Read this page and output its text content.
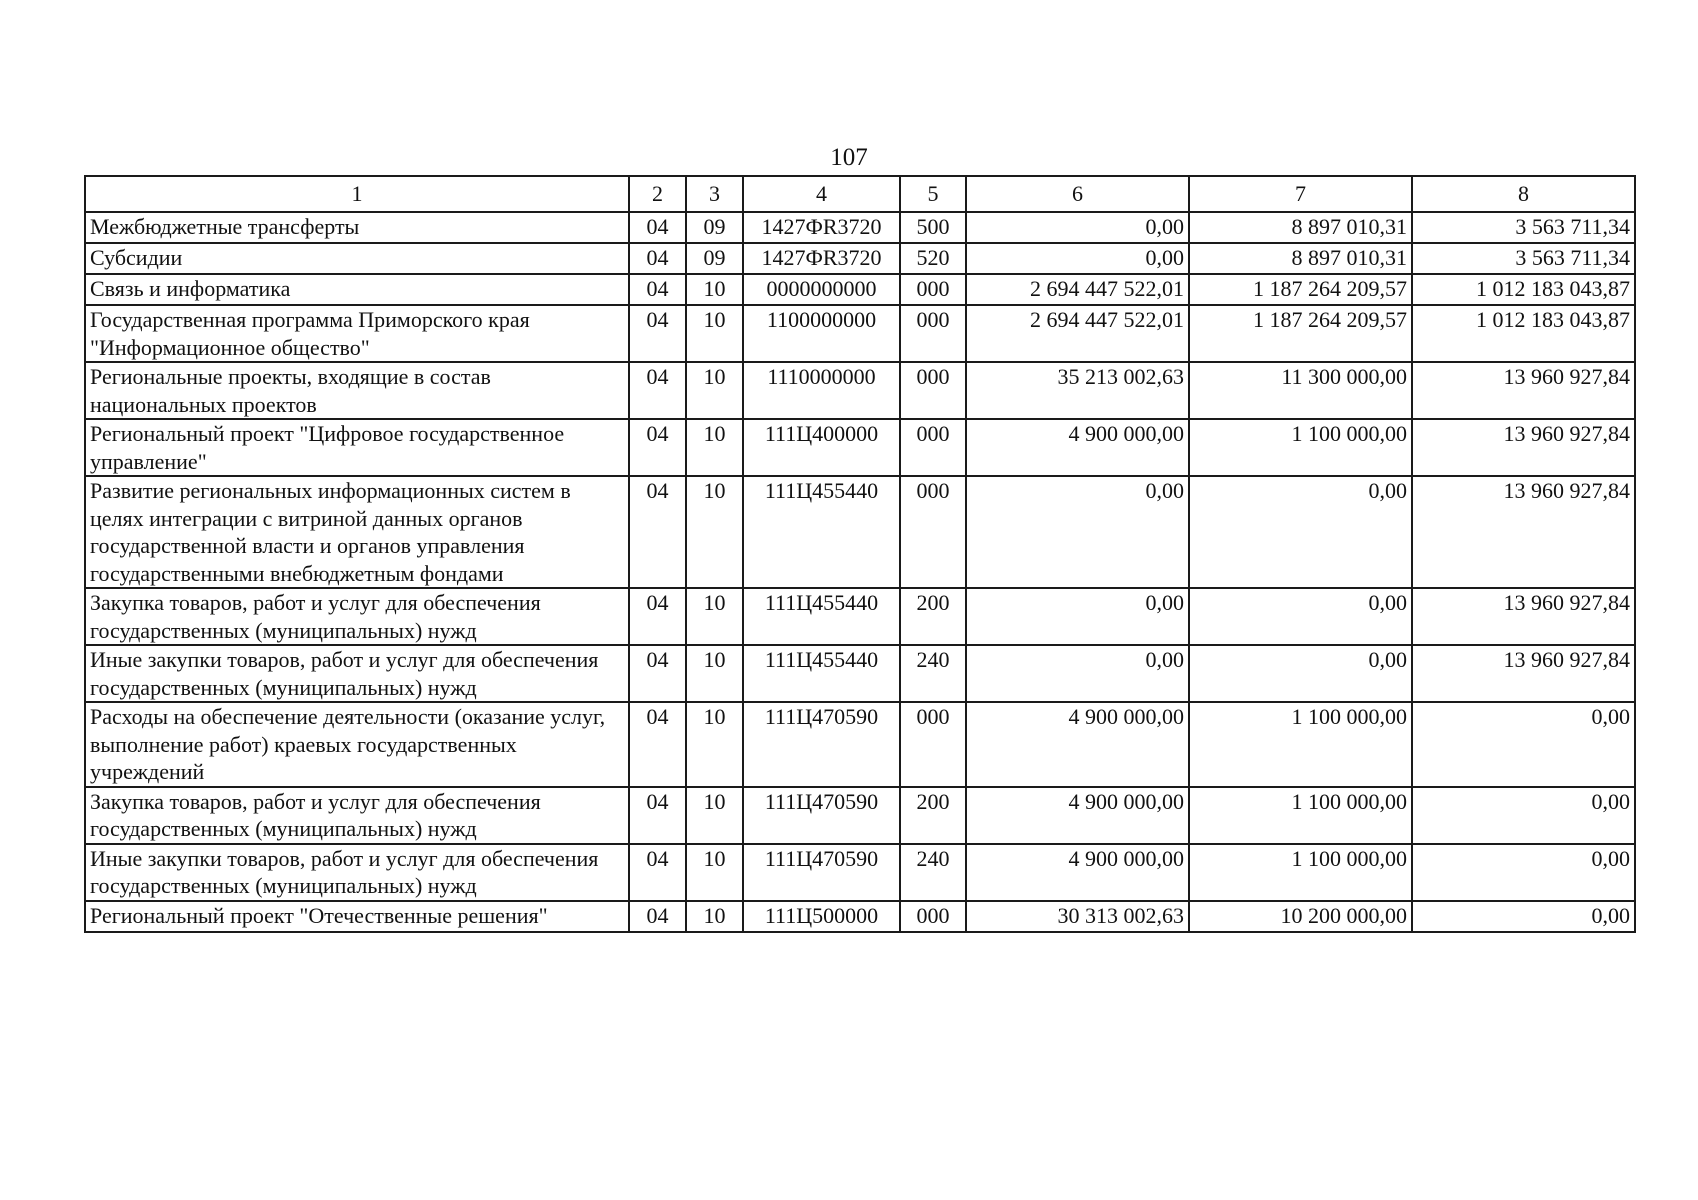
107
1	2	3	4	5	6	7	8
Межбюджетные трансферты	04	09	1427ФR3720	500	0,00	8 897 010,31	3 563 711,34
Субсидии	04	09	1427ФR3720	520	0,00	8 897 010,31	3 563 711,34
Связь и информатика	04	10	0000000000	000	2 694 447 522,01	1 187 264 209,57	1 012 183 043,87
Государственная программа Приморского края "Информационное общество"	04	10	1100000000	000	2 694 447 522,01	1 187 264 209,57	1 012 183 043,87
Региональные проекты, входящие в состав национальных проектов	04	10	1110000000	000	35 213 002,63	11 300 000,00	13 960 927,84
Региональный проект "Цифровое государственное управление"	04	10	111Ц400000	000	4 900 000,00	1 100 000,00	13 960 927,84
Развитие региональных информационных систем в целях интеграции с витриной данных органов государственной власти и органов управления государственными внебюджетным фондами	04	10	111Ц455440	000	0,00	0,00	13 960 927,84
Закупка товаров, работ и услуг для обеспечения государственных (муниципальных) нужд	04	10	111Ц455440	200	0,00	0,00	13 960 927,84
Иные закупки товаров, работ и услуг для обеспечения государственных (муниципальных) нужд	04	10	111Ц455440	240	0,00	0,00	13 960 927,84
Расходы на обеспечение деятельности (оказание услуг, выполнение работ) краевых государственных учреждений	04	10	111Ц470590	000	4 900 000,00	1 100 000,00	0,00
Закупка товаров, работ и услуг для обеспечения государственных (муниципальных) нужд	04	10	111Ц470590	200	4 900 000,00	1 100 000,00	0,00
Иные закупки товаров, работ и услуг для обеспечения государственных (муниципальных) нужд	04	10	111Ц470590	240	4 900 000,00	1 100 000,00	0,00
Региональный проект "Отечественные решения"	04	10	111Ц500000	000	30 313 002,63	10 200 000,00	0,00
